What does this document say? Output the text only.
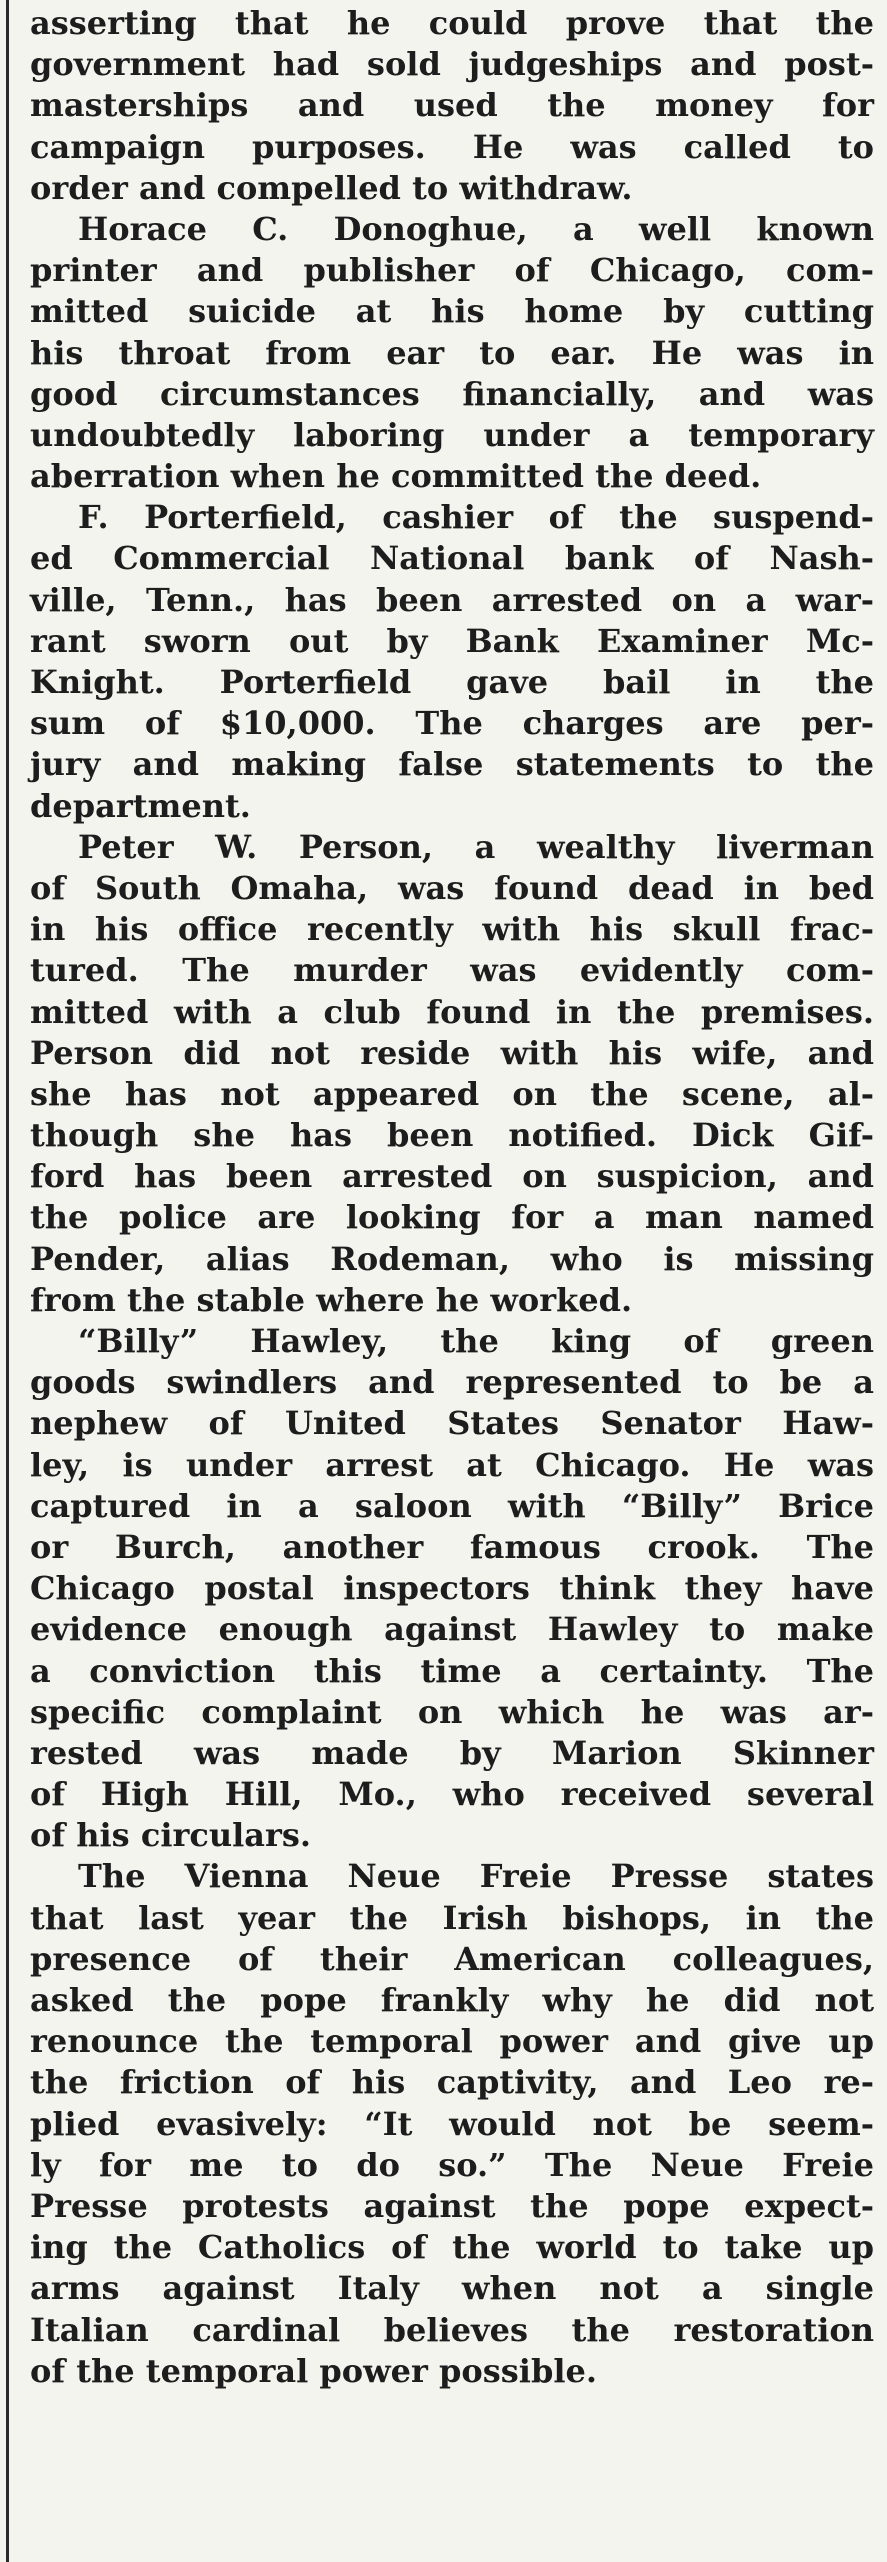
asserting that he could prove that the
government had sold judgeships and post-
masterships and used the money for
campaign purposes. He was called to
order and compelled to withdraw.
Horace C. Donoghue, a well known
printer and publisher of Chicago, com-
mitted suicide at his home by cutting
his throat from ear to ear. He was in
good circumstances financially, and was
undoubtedly laboring under a temporary
aberration when he committed the deed.
F. Porterfield, cashier of the suspend-
ed Commercial National bank of Nash-
ville, Tenn., has been arrested on a war-
rant sworn out by Bank Examiner Mc-
Knight. Porterfield gave bail in the
sum of $10,000. The charges are per-
jury and making false statements to the
department.
Peter W. Person, a wealthy liverman
of South Omaha, was found dead in bed
in his office recently with his skull frac-
tured. The murder was evidently com-
mitted with a club found in the premises.
Person did not reside with his wife, and
she has not appeared on the scene, al-
though she has been notified. Dick Gif-
ford has been arrested on suspicion, and
the police are looking for a man named
Pender, alias Rodeman, who is missing
from the stable where he worked.
“Billy” Hawley, the king of green
goods swindlers and represented to be a
nephew of United States Senator Haw-
ley, is under arrest at Chicago. He was
captured in a saloon with “Billy” Brice
or Burch, another famous crook. The
Chicago postal inspectors think they have
evidence enough against Hawley to make
a conviction this time a certainty. The
specific complaint on which he was ar-
rested was made by Marion Skinner
of High Hill, Mo., who received several
of his circulars.
The Vienna Neue Freie Presse states
that last year the Irish bishops, in the
presence of their American colleagues,
asked the pope frankly why he did not
renounce the temporal power and give up
the friction of his captivity, and Leo re-
plied evasively: “It would not be seem-
ly for me to do so.” The Neue Freie
Presse protests against the pope expect-
ing the Catholics of the world to take up
arms against Italy when not a single
Italian cardinal believes the restoration
of the temporal power possible.
